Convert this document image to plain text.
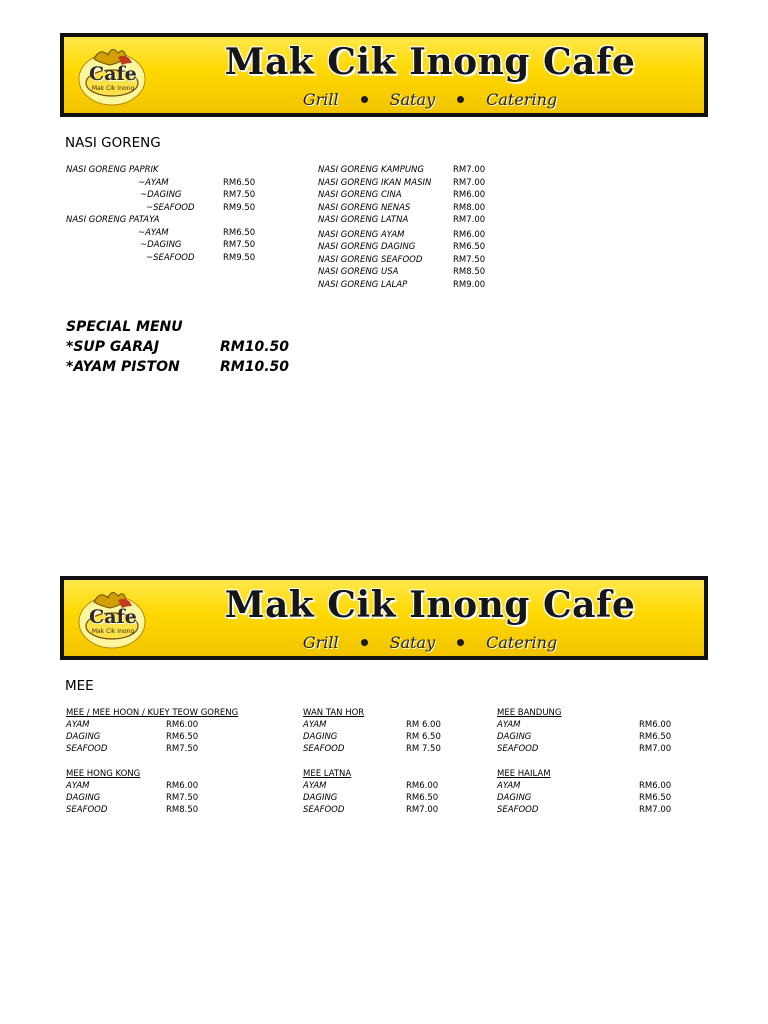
Cafe
Mak Cik Inong
Mak Cik Inong Cafe
Grill	Satay	Catering
NASI GORENG
NASI GORENG PAPRIK
~AYAM	RM6.50
~DAGING	RM7.50
~SEAFOOD	RM9.50
NASI GORENG PATAYA
~AYAM	RM6.50
~DAGING	RM7.50
~SEAFOOD	RM9.50
NASI GORENG KAMPUNG	RM7.00
NASI GORENG IKAN MASIN	RM7.00
NASI GORENG CINA	RM6.00
NASI GORENG NENAS	RM8.00
NASI GORENG LATNA	RM7.00
NASI GORENG AYAM	RM6.00
NASI GORENG DAGING	RM6.50
NASI GORENG SEAFOOD	RM7.50
NASI GORENG USA	RM8.50
NASI GORENG LALAP	RM9.00
SPECIAL MENU
*SUP GARAJ	RM10.50
*AYAM PISTON	RM10.50
Cafe
Mak Cik Inong
Mak Cik Inong Cafe
Grill	Satay	Catering
MEE
MEE / MEE HOON / KUEY TEOW GORENG
AYAM	RM6.00
DAGING	RM6.50
SEAFOOD	RM7.50
MEE HONG KONG
AYAM	RM6.00
DAGING	RM7.50
SEAFOOD	RM8.50
WAN TAN HOR
AYAM	RM 6.00
DAGING	RM 6.50
SEAFOOD	RM 7.50
MEE LATNA
AYAM	RM6.00
DAGING	RM6.50
SEAFOOD	RM7.00
MEE BANDUNG
AYAM	RM6.00
DAGING	RM6.50
SEAFOOD	RM7.00
MEE HAILAM
AYAM	RM6.00
DAGING	RM6.50
SEAFOOD	RM7.00
